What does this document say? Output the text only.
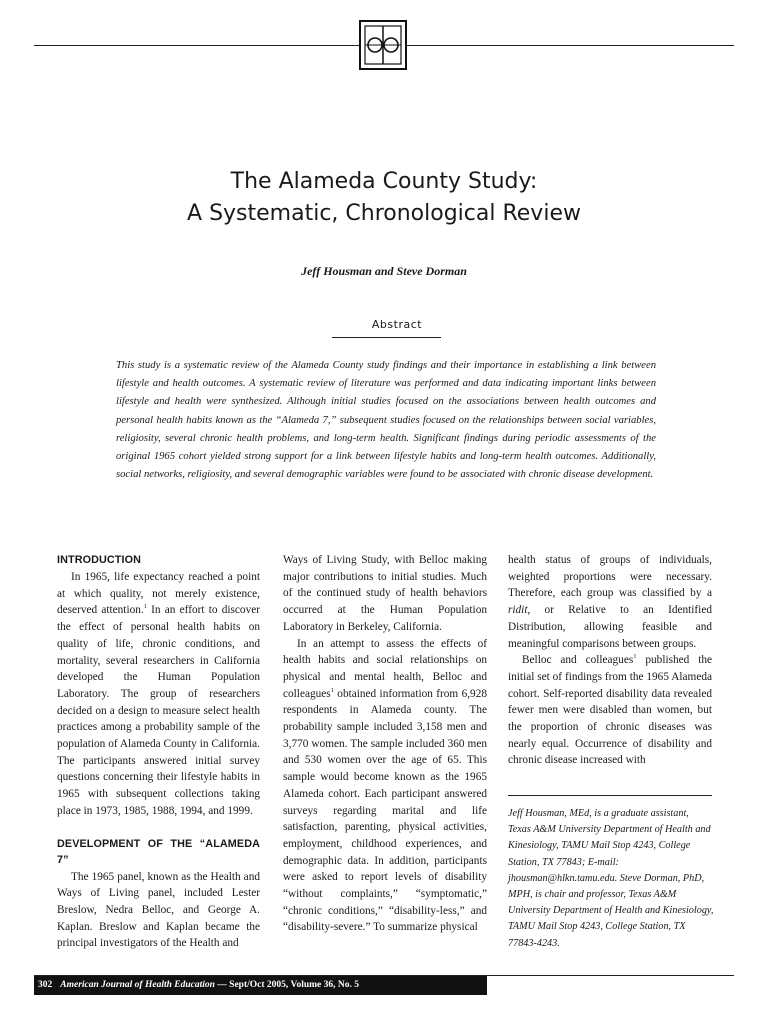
The Alameda County Study:
A Systematic, Chronological Review
Jeff Housman and Steve Dorman
Abstract
This study is a systematic review of the Alameda County study findings and their importance in establishing a link between lifestyle and health outcomes. A systematic review of literature was performed and data indicating important links between lifestyle and health were synthesized. Although initial studies focused on the associations between health outcomes and personal health habits known as the “Alameda 7,” subsequent studies focused on the relationships between social variables, religiosity, several chronic health problems, and long-term health. Significant findings during periodic assessments of the original 1965 cohort yielded strong support for a link between lifestyle habits and long-term health outcomes. Additionally, social networks, religiosity, and several demographic variables were found to be associated with chronic disease development.
INTRODUCTION

In 1965, life expectancy reached a point at which quality, not merely existence, deserved attention.$^1$ In an effort to discover the effect of personal health habits on quality of life, chronic conditions, and mortality, several researchers in California developed the Human Population Laboratory. The group of researchers decided on a design to measure select health practices among a probability sample of the population of Alameda County in California. The participants answered initial survey questions concerning their lifestyle habits in 1965 with subsequent collections taking place in 1973, 1985, 1988, 1994, and 1999.

DEVELOPMENT OF THE “ALAMEDA 7”

The 1965 panel, known as the Health and Ways of Living panel, included Lester Breslow, Nedra Belloc, and George A. Kaplan. Breslow and Kaplan became the principal investigators of the Health and

Ways of Living Study, with Belloc making major contributions to initial studies. Much of the continued study of health behaviors occurred at the Human Population Laboratory in Berkeley, California.

In an attempt to assess the effects of health habits and social relationships on physical and mental health, Belloc and colleagues$^1$ obtained information from 6,928 respondents in Alameda county. The probability sample included 3,158 men and 3,770 women. The sample included 360 men and 530 women over the age of 65. This sample would become known as the 1965 Alameda cohort. Each participant answered surveys regarding marital and life satisfaction, parenting, physical activities, employment, childhood experiences, and demographic data. In addition, participants were asked to report levels of disability “without complaints,” “symptomatic,” “chronic conditions,” “disability-less,” and “disability-severe.” To summarize physical

health status of groups of individuals, weighted proportions were necessary. Therefore, each group was classified by a ridit, or Relative to an Identified Distribution, allowing feasible and meaningful comparisons between groups.

Belloc and colleagues$^1$ published the initial set of findings from the 1965 Alameda cohort. Self-reported disability data revealed fewer men were disabled than women, but the proportion of chronic diseases was nearly equal. Occurrence of disability and chronic disease increased with

Jeff Housman, MEd, is a graduate assistant, Texas A&M University Department of Health and Kinesiology, TAMU Mail Stop 4243, College Station, TX 77843; E-mail: jhousman@hlkn.tamu.edu. Steve Dorman, PhD, MPH, is chair and professor, Texas A&M University Department of Health and Kinesiology, TAMU Mail Stop 4243, College Station, TX 77843-4243.
302 American Journal of Health Education — Sept/Oct 2005, Volume 36, No. 5
